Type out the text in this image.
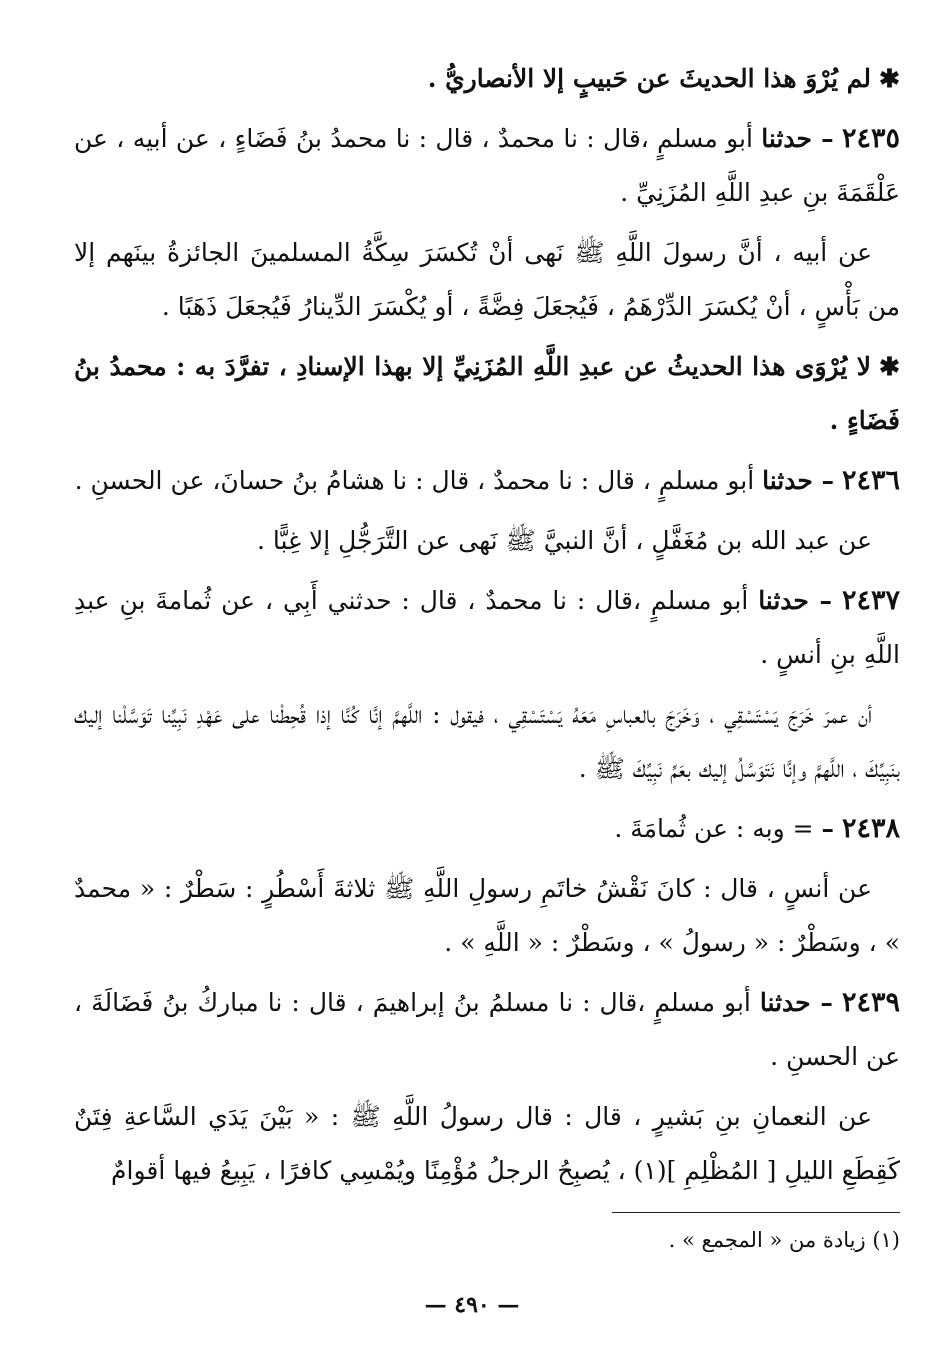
✱لم يُرْوَ هذا الحديثَ عن حَبيبٍ إلا الأنصاريُّ .

٢٤٣٥ – حدثنا أبو مسلمٍ ،قال : نا محمدٌ ، قال : نا محمدُ بنُ فَضَاءٍ ، عن أبيه ، عن عَلْقَمَةَ بنِ عبدِ اللَّهِ المُزَنِيِّ .

عن أبيه ، أنَّ رسولَ اللَّهِ ﷺ نَهى أنْ تُكسَرَ سِكَّةُ المسلمينَ الجائزةُ بينَهم إلا من بَأْسٍ ، أنْ يُكسَرَ الدِّرْهَمُ ، فَيُجعَلَ فِضَّةً ، أو يُكْسَرَ الدِّينارُ فَيُجعَلَ ذَهَبًا .

✱لا يُرْوَى هذا الحديثُ عن عبدِ اللَّهِ المُزَنِيِّ إلا بهذا الإسنادِ ، تفرَّدَ به : محمدُ بنُ فَضَاءٍ .

٢٤٣٦ – حدثنا أبو مسلمٍ ، قال : نا محمدٌ ، قال : نا هشامُ بنُ حسانَ، عن الحسنِ .

عن عبد الله بن مُغَفَّلٍ ، أنَّ النبيَّ ﷺ نَهى عن التَّرَجُّلِ إلا غِبًّا .

٢٤٣٧ – حدثنا أبو مسلمٍ ،قال : نا محمدٌ ، قال : حدثني أَبِي ، عن ثُمامةَ بنِ عبدِ اللَّهِ بنِ أنسٍ .

أن عمرَ خَرَجَ يَسْتَسْقِي ، وَخَرَجَ بالعباسِ مَعَهُ يَسْتَسْقِي ، فيقول : اللَّهمَّ إنَّا كُنَّا إذا قُحِطْنا على عَهْدِ نَبِيِّنا تَوَسَّلْنا إليك بنَبِيِّكَ ، اللَّهمَّ وإنَّا نَتَوَسَّلُ إليك بعَمِّ نَبِيِّكَ ﷺ .

٢٤٣٨ – = وبه : عن ثُمامَةَ .

عن أنسٍ ، قال : كانَ نَقْشُ خاتَمِ رسولِ اللَّهِ ﷺ ثلاثةَ أَسْطُرٍ : سَطْرٌ : « محمدٌ » ، وسَطْرٌ : « رسولُ » ، وسَطْرٌ : « اللَّهِ » .

٢٤٣٩ – حدثنا أبو مسلمٍ ،قال : نا مسلمُ بنُ إبراهيمَ ، قال : نا مباركُ بنُ فَضَالَةَ ، عن الحسنِ .

عن النعمانِ بنِ بَشيرٍ ، قال : قال رسولُ اللَّهِ ﷺ : « بَيْنَ يَدَي السَّاعةِ فِتَنٌ كَقِطَعِ الليلِ [ المُظْلِمِ ](١) ، يُصبِحُ الرجلُ مُؤْمِنًا ويُمْسِي كافرًا ، يَبِيعُ فيها أقوامٌ

(١) زيادة من « المجمع » .
— ٤٩٠ —
